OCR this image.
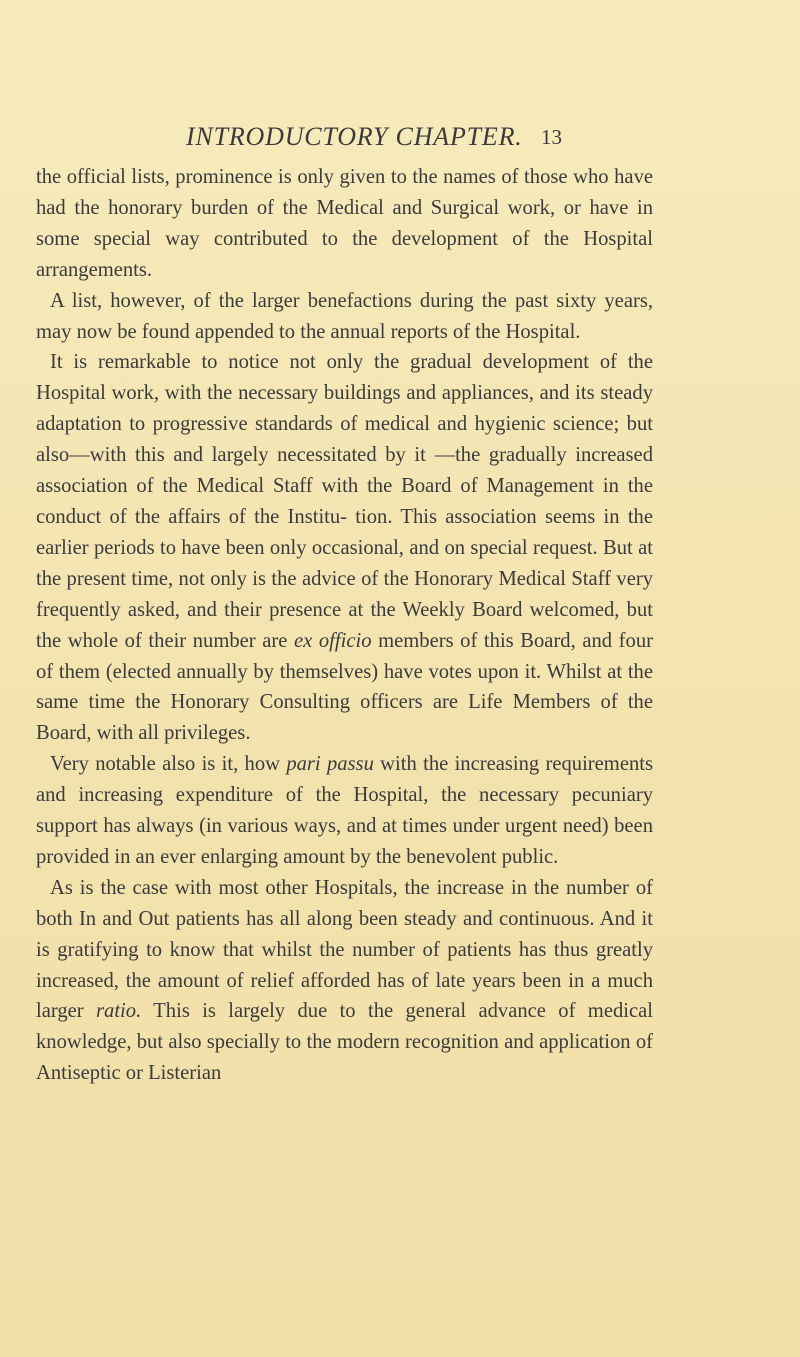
INTRODUCTORY CHAPTER. 13

the official lists, prominence is only given to the names of those who have had the honorary burden of the Medical and Surgical work, or have in some special way contributed to the development of the Hospital arrangements.

A list, however, of the larger benefactions during the past sixty years, may now be found appended to the annual reports of the Hospital.

It is remarkable to notice not only the gradual development of the Hospital work, with the necessary buildings and appliances, and its steady adaptation to progressive standards of medical and hygienic science; but also—with this and largely necessitated by it —the gradually increased association of the Medical Staff with the Board of Management in the conduct of the affairs of the Institu- tion. This association seems in the earlier periods to have been only occasional, and on special request. But at the present time, not only is the advice of the Honorary Medical Staff very frequently asked, and their presence at the Weekly Board welcomed, but the whole of their number are ex officio members of this Board, and four of them (elected annually by themselves) have votes upon it. Whilst at the same time the Honorary Consulting officers are Life Members of the Board, with all privileges.

Very notable also is it, how pari passu with the increasing requirements and increasing expenditure of the Hospital, the necessary pecuniary support has always (in various ways, and at times under urgent need) been provided in an ever enlarging amount by the benevolent public.

As is the case with most other Hospitals, the increase in the number of both In and Out patients has all along been steady and continuous. And it is gratifying to know that whilst the number of patients has thus greatly increased, the amount of relief afforded has of late years been in a much larger ratio. This is largely due to the general advance of medical knowledge, but also specially to the modern recognition and application of Antiseptic or Listerian
